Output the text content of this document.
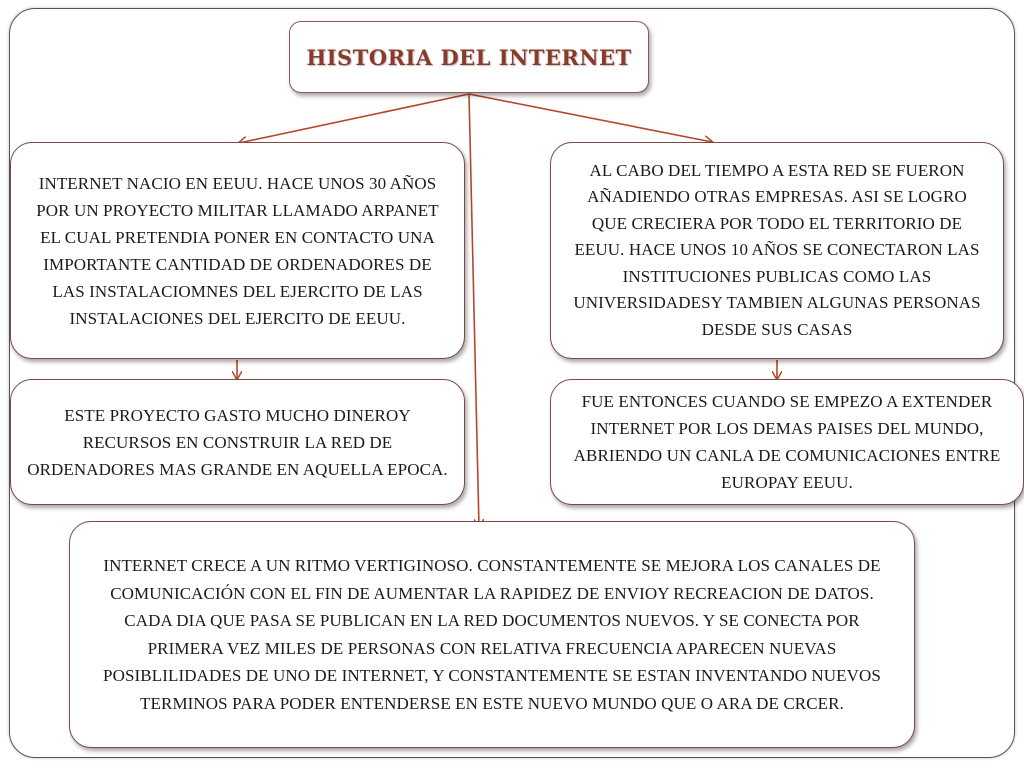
HISTORIA DEL INTERNET
INTERNET NACIO EN EEUU. HACE UNOS 30 AÑOS POR UN PROYECTO MILITAR LLAMADO ARPANET EL CUAL PRETENDIA PONER EN CONTACTO UNA IMPORTANTE CANTIDAD DE ORDENADORES DE LAS INSTALACIOMNES DEL EJERCITO DE LAS INSTALACIONES DEL EJERCITO DE EEUU.
AL CABO DEL TIEMPO A ESTA RED SE FUERON AÑADIENDO OTRAS EMPRESAS. ASI SE LOGRO QUE CRECIERA POR TODO EL TERRITORIO DE EEUU. HACE UNOS 10 AÑOS SE CONECTARON LAS INSTITUCIONES PUBLICAS COMO LAS UNIVERSIDADESY TAMBIEN ALGUNAS PERSONAS DESDE SUS CASAS
ESTE PROYECTO GASTO MUCHO DINEROY RECURSOS EN CONSTRUIR LA RED DE ORDENADORES MAS GRANDE EN AQUELLA EPOCA.
FUE ENTONCES CUANDO SE EMPEZO A EXTENDER INTERNET POR LOS DEMAS PAISES DEL MUNDO, ABRIENDO UN CANLA DE COMUNICACIONES ENTRE EUROPAY EEUU.
INTERNET CRECE A UN RITMO VERTIGINOSO. CONSTANTEMENTE SE MEJORA LOS CANALES DE COMUNICACIÓN CON EL FIN DE AUMENTAR LA RAPIDEZ DE ENVIOY RECREACION DE DATOS. CADA DIA QUE PASA SE PUBLICAN EN LA RED DOCUMENTOS NUEVOS. Y SE CONECTA POR PRIMERA VEZ MILES DE PERSONAS CON RELATIVA FRECUENCIA APARECEN NUEVAS POSIBLILIDADES DE UNO DE INTERNET, Y CONSTANTEMENTE SE ESTAN INVENTANDO NUEVOS TERMINOS PARA PODER ENTENDERSE EN ESTE NUEVO MUNDO QUE O ARA DE CRCER.
